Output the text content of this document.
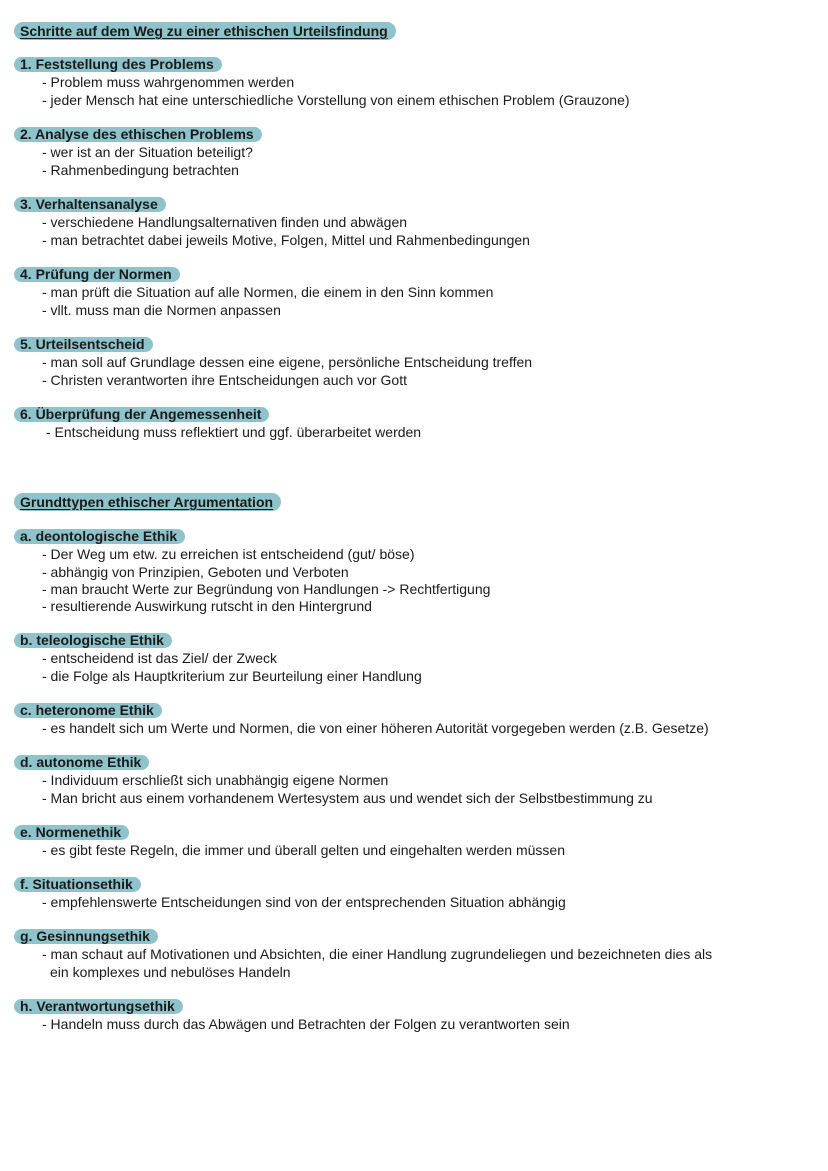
Schritte auf dem Weg zu einer ethischen Urteilsfindung
1. Feststellung des Problems
- Problem muss wahrgenommen werden
- jeder Mensch hat eine unterschiedliche Vorstellung von einem ethischen Problem (Grauzone)
2. Analyse des ethischen Problems
- wer ist an der Situation beteiligt?
- Rahmenbedingung betrachten
3. Verhaltensanalyse
- verschiedene Handlungsalternativen finden und abwägen
- man betrachtet dabei jeweils Motive, Folgen, Mittel und Rahmenbedingungen
4. Prüfung der Normen
- man prüft die Situation auf alle Normen, die einem in den Sinn kommen
- vllt. muss man die Normen anpassen
5. Urteilsentscheid
- man soll auf Grundlage dessen eine eigene, persönliche Entscheidung treffen
- Christen verantworten ihre Entscheidungen auch vor Gott
6. Überprüfung der Angemessenheit
- Entscheidung muss reflektiert und ggf. überarbeitet werden
Grundttypen ethischer Argumentation
a. deontologische Ethik
- Der Weg um etw. zu erreichen ist entscheidend (gut/ böse)
- abhängig von Prinzipien, Geboten und Verboten
- man braucht Werte zur Begründung von Handlungen -> Rechtfertigung
- resultierende Auswirkung rutscht in den Hintergrund
b. teleologische Ethik
- entscheidend ist das Ziel/ der Zweck
- die Folge als Hauptkriterium zur Beurteilung einer Handlung
c. heteronome Ethik
- es handelt sich um Werte und Normen, die von einer höheren Autorität vorgegeben werden (z.B. Gesetze)
d. autonome Ethik
- Individuum erschließt sich unabhängig eigene Normen
- Man bricht aus einem vorhandenem Wertesystem aus und wendet sich der Selbstbestimmung zu
e. Normenethik
- es gibt feste Regeln, die immer und überall gelten und eingehalten werden müssen
f. Situationsethik
- empfehlenswerte Entscheidungen sind von der entsprechenden Situation abhängig
g. Gesinnungsethik
- man schaut auf Motivationen und Absichten, die einer Handlung zugrundeliegen und bezeichneten dies als
ein komplexes und nebulöses Handeln
h. Verantwortungsethik
- Handeln muss durch das Abwägen und Betrachten der Folgen zu verantworten sein
